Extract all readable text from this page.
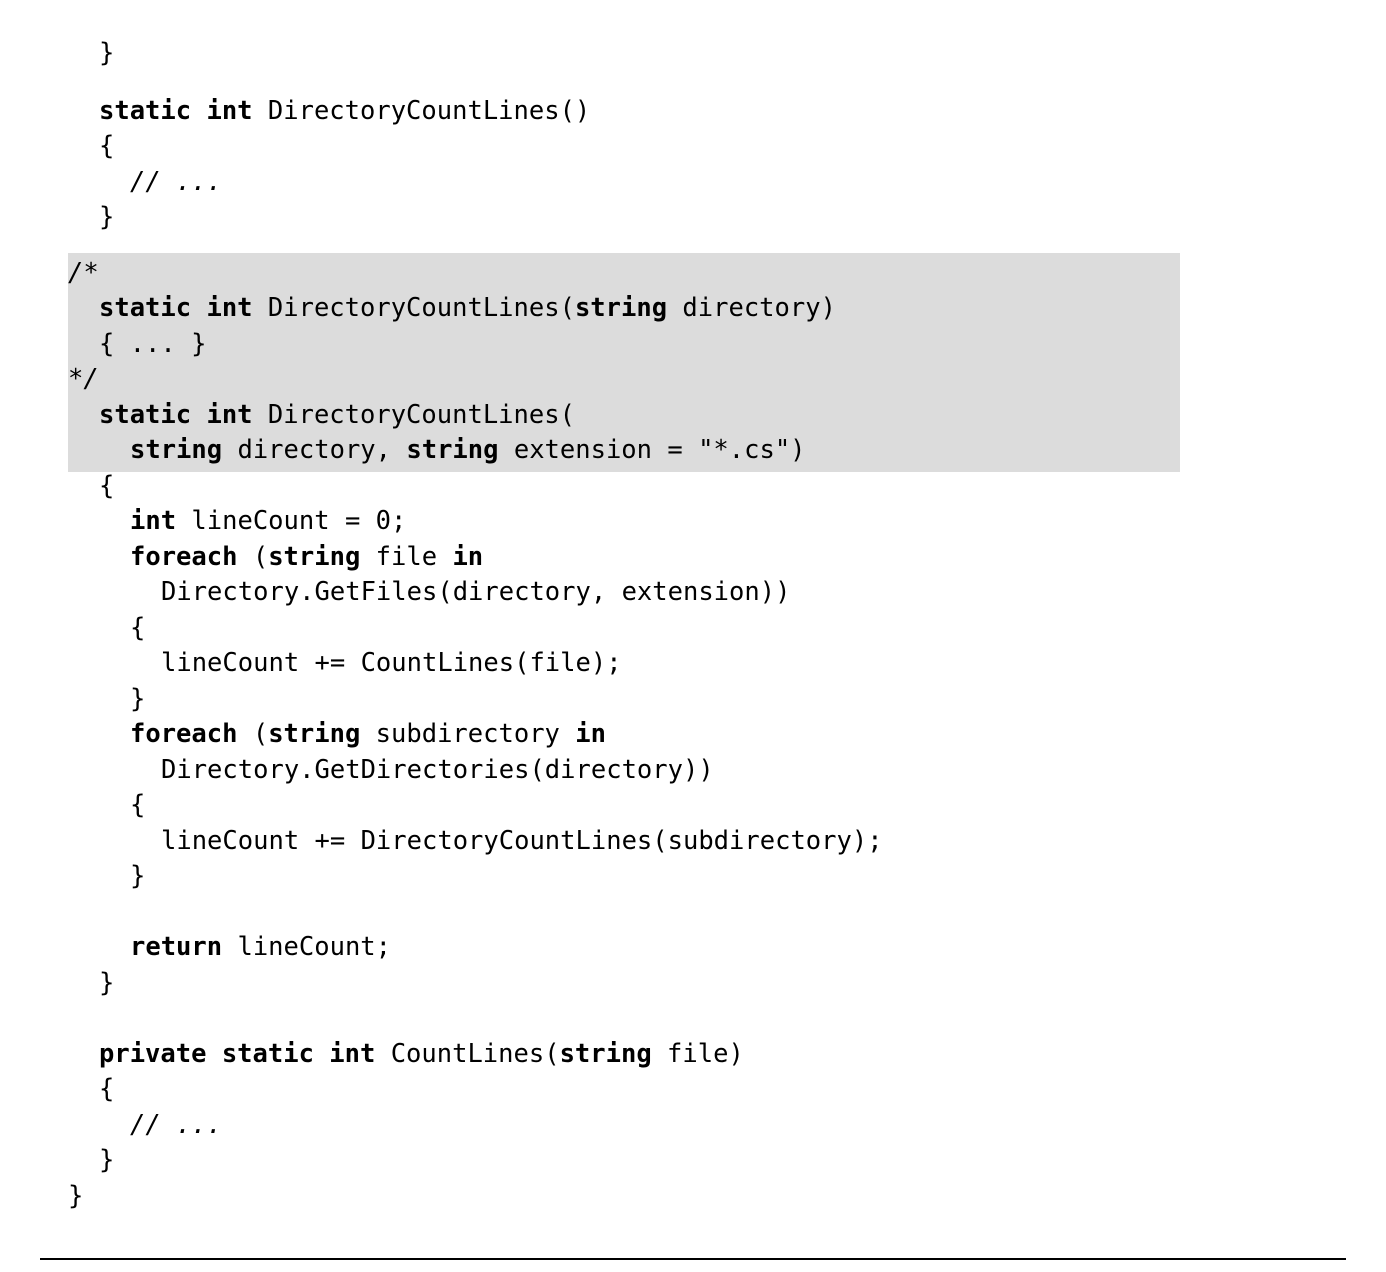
}
static int DirectoryCountLines()
{
// ...
}
/*
static int DirectoryCountLines(string directory)
{ ... }
*/
static int DirectoryCountLines(
string directory, string extension = "*.cs")
{
int lineCount = 0;
foreach (string file in
Directory.GetFiles(directory, extension))
{
lineCount += CountLines(file);
}
foreach (string subdirectory in
Directory.GetDirectories(directory))
{
lineCount += DirectoryCountLines(subdirectory);
}
return lineCount;
}
private static int CountLines(string file)
{
// ...
}
}
